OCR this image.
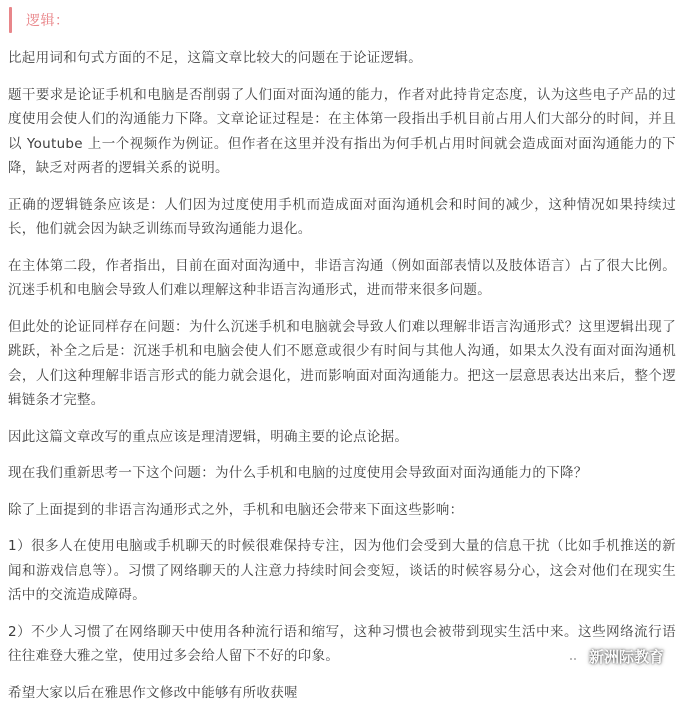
逻辑：

比起用词和句式方面的不足，这篇文章比较大的问题在于论证逻辑。

题干要求是论证手机和电脑是否削弱了人们面对面沟通的能力，作者对此持肯定态度，认为这些电子产品的过度使用会使人们的沟通能力下降。文章论证过程是：在主体第一段指出手机目前占用人们大部分的时间，并且以 Youtube 上一个视频作为例证。但作者在这里并没有指出为何手机占用时间就会造成面对面沟通能力的下降，缺乏对两者的逻辑关系的说明。

正确的逻辑链条应该是：人们因为过度使用手机而造成面对面沟通机会和时间的减少，这种情况如果持续过长，他们就会因为缺乏训练而导致沟通能力退化。

在主体第二段，作者指出，目前在面对面沟通中，非语言沟通（例如面部表情以及肢体语言）占了很大比例。沉迷手机和电脑会导致人们难以理解这种非语言沟通形式，进而带来很多问题。

但此处的论证同样存在问题：为什么沉迷手机和电脑就会导致人们难以理解非语言沟通形式？这里逻辑出现了跳跃，补全之后是：沉迷手机和电脑会使人们不愿意或很少有时间与其他人沟通，如果太久没有面对面沟通机会，人们这种理解非语言形式的能力就会退化，进而影响面对面沟通能力。把这一层意思表达出来后，整个逻辑链条才完整。

因此这篇文章改写的重点应该是理清逻辑，明确主要的论点论据。

现在我们重新思考一下这个问题：为什么手机和电脑的过度使用会导致面对面沟通能力的下降？

除了上面提到的非语言沟通形式之外，手机和电脑还会带来下面这些影响：

1）很多人在使用电脑或手机聊天的时候很难保持专注，因为他们会受到大量的信息干扰（比如手机推送的新闻和游戏信息等）。习惯了网络聊天的人注意力持续时间会变短，谈话的时候容易分心，这会对他们在现实生活中的交流造成障碍。

2）不少人习惯了在网络聊天中使用各种流行语和缩写，这种习惯也会被带到现实生活中来。这些网络流行语往往难登大雅之堂，使用过多会给人留下不好的印象。

希望大家以后在雅思作文修改中能够有所收获喔

新洲际教育
